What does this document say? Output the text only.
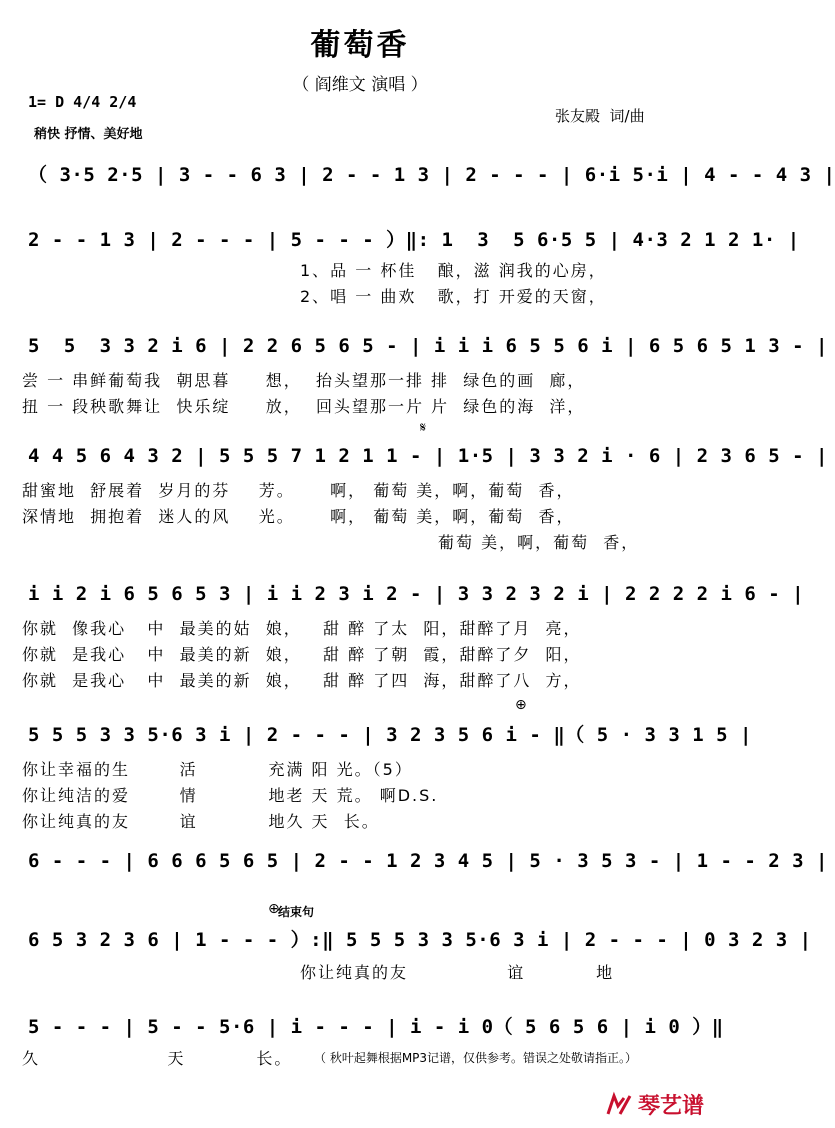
葡萄香
（ 阎维文 演唱 ）
1= D 4/4 2/4
稍快 抒情、美好地
张友殿  词/曲
（ 3·5 2·5 | 3 - - 6 3 | 2 - - 1 3 | 2 - - - | 6·i 5·i | 4 - - 4 3 |
2 - - 1 3 | 2 - - - | 5 - - - ）‖: 1  3  5 6·5 5 | 4·3 2 1 2 1· |
1、品 一 杯佳   酿，滋 润我的心房，
2、唱 一 曲欢   歌，打 开爱的天窗，
5  5  3 3 2 i 6 | 2 2 6 5 6 5 - | i i i 6 5 5 6 i | 6 5 6 5 1 3 - |
尝 一 串鲜葡萄我  朝思暮     想，  抬头望那一排 排  绿色的画  廊，
扭 一 段秧歌舞让  快乐绽     放，  回头望那一片 片  绿色的海  洋，
𝄋
4 4 5 6 4 3 2 | 5 5 5 7 1 2 1 1 - | 1·5 | 3 3 2 i · 6 | 2 3 6 5 - |
甜蜜地  舒展着  岁月的芬    芳。     啊， 葡萄 美，啊，葡萄  香，
深情地  拥抱着  迷人的风    光。     啊， 葡萄 美，啊，葡萄  香，
葡萄 美，啊，葡萄  香，
i i 2 i 6 5 6 5 3 | i i 2 3 i 2 - | 3 3 2 3 2 i | 2 2 2 2 i 6 - |
你就  像我心   中  最美的姑  娘，   甜 醉 了太  阳，甜醉了月  亮，
你就  是我心   中  最美的新  娘，   甜 醉 了朝  霞，甜醉了夕  阳，
你就  是我心   中  最美的新  娘，   甜 醉 了四  海，甜醉了八  方，
⊕
5 5 5 3 3 5·6 3 i | 2 - - - | 3 2 3 5 6 i - ‖（ 5 · 3 3 1 5 |
你让幸福的生       活          充满 阳 光。（5）
你让纯洁的爱       情          地老 天 荒。 啊D.S.
你让纯真的友       谊          地久 天  长。
6 - - - | 6 6 6 5 6 5 | 2 - - 1 2 3 4 5 | 5 · 3 5 3 - | 1 - - 2 3 |
⊕
结束句
6 5 3 2 3 6 | 1 - - - ）:‖ 5 5 5 3 3 5·6 3 i | 2 - - - | 0 3 2 3 |
你让纯真的友              谊          地
5 - - - | 5 - - 5·6 | i - - - | i - i 0（ 5 6 5 6 | i 0 ）‖
久                  天          长。 （ 秋叶起舞根据MP3记谱，仅供参考。错误之处敬请指正。）
琴艺谱
